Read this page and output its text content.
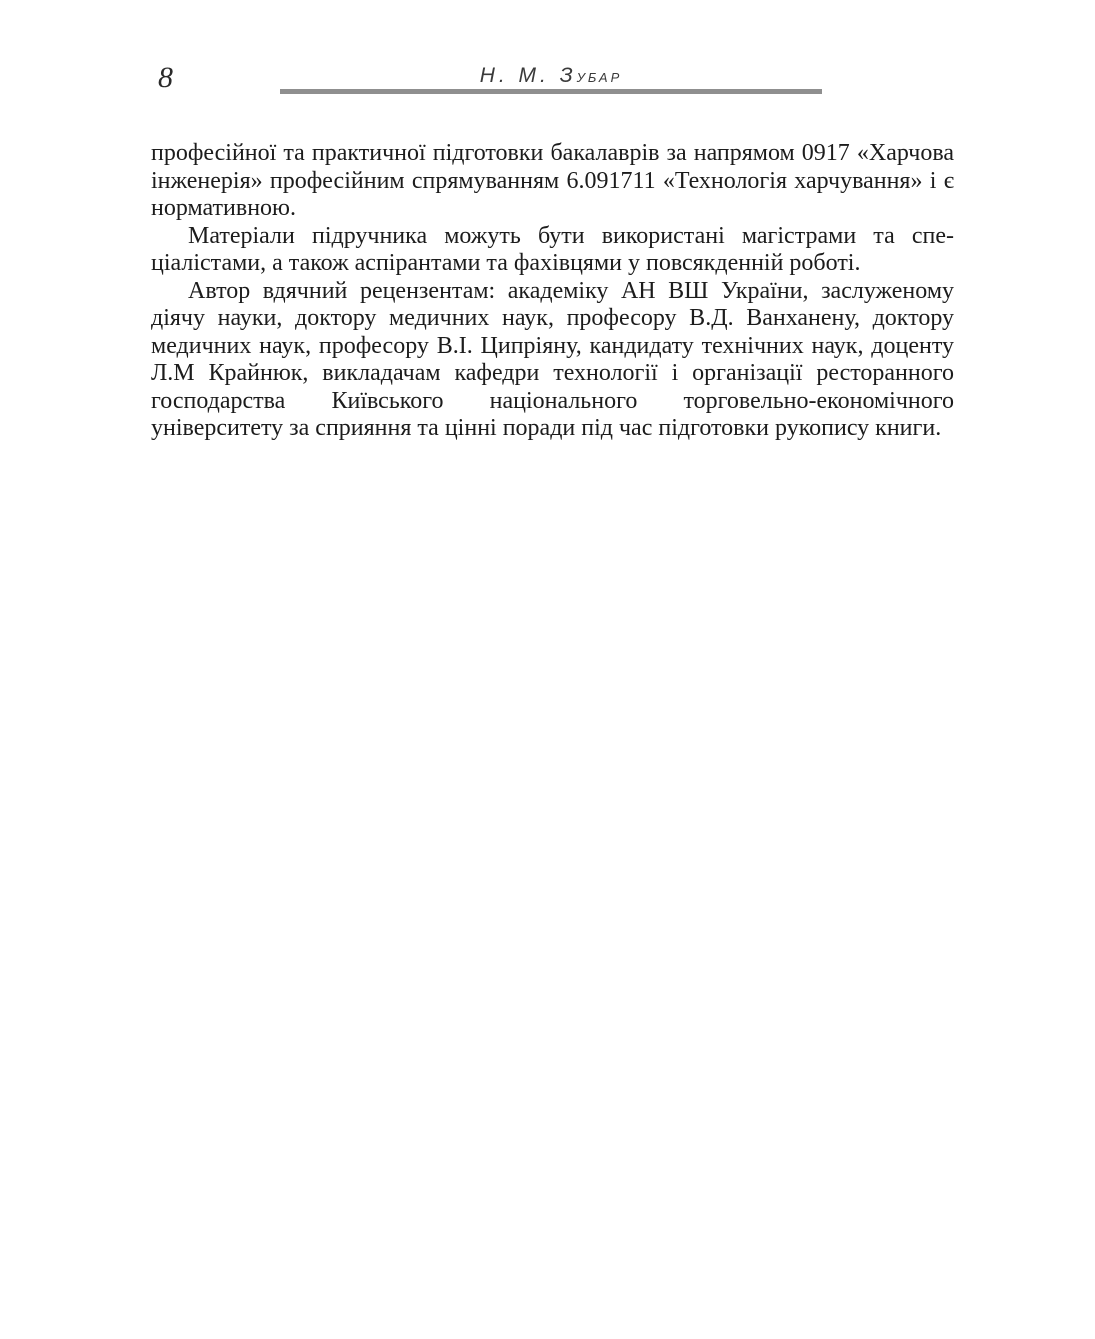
8	Н. М. ЗУБАР

професійної та практичної підготовки бакалаврів за напрямом 0917 «Харчова інженерія» професійним спрямуванням 6.091711 «Технологія харчування» і є нормативною.

Матеріали підручника можуть бути використані магістрами та спеціалістами, а також аспірантами та фахівцями у повсякденній роботі.

Автор вдячний рецензентам: академіку АН ВШ України, заслуженому діячу науки, доктору медичних наук, професору В.Д. Ванханену, доктору медичних наук, професору В.І. Ципріяну, кандидату технічних наук, доценту Л.М Крайнюк, викладачам кафедри технології і організації ресторанного господарства Київського національного торговельно-економічного університету за сприяння та цінні поради під час підготовки рукопису книги.
